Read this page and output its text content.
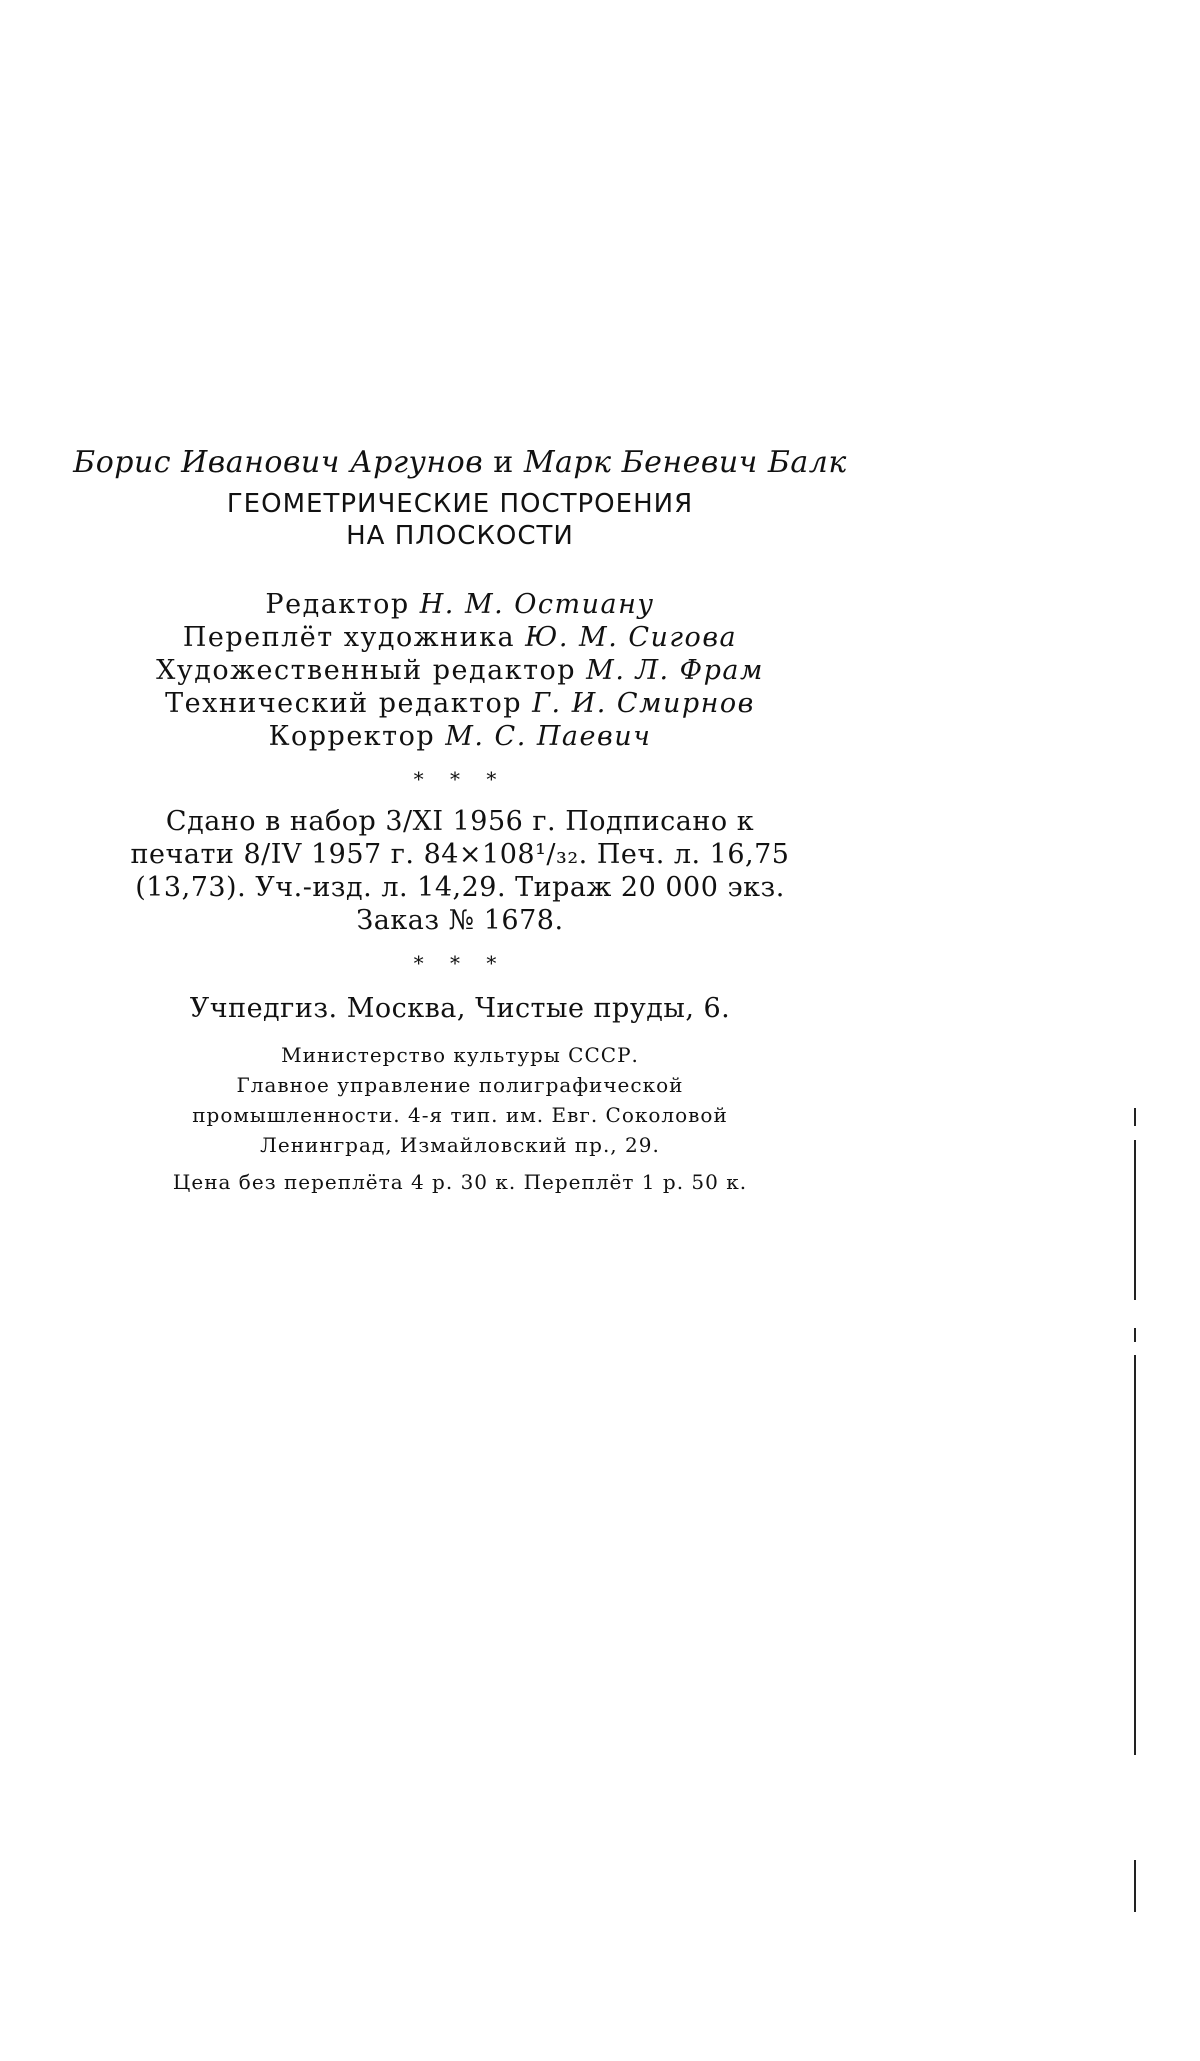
Борис Иванович Аргунов и Марк Беневич Балк

ГЕОМЕТРИЧЕСКИЕ ПОСТРОЕНИЯ
НА ПЛОСКОСТИ
Редактор Н. М. Остиану
Переплёт художника Ю. М. Сигова
Художественный редактор М. Л. Фрам
Технический редактор Г. И. Смирнов
Корректор М. С. Паевич
* * *
Сдано в набор 3/XI 1956 г. Подписано к
печати 8/IV 1957 г. 84×108¹/₃₂. Печ. л. 16,75
(13,73). Уч.-изд. л. 14,29. Тираж 20 000 экз.
Заказ № 1678.
* * *
Учпедгиз. Москва, Чистые пруды, 6.
Министерство культуры СССР.
Главное управление полиграфической
промышленности. 4-я тип. им. Евг. Соколовой
Ленинград, Измайловский пр., 29.
Цена без переплёта 4 р. 30 к. Переплёт 1 р. 50 к.
